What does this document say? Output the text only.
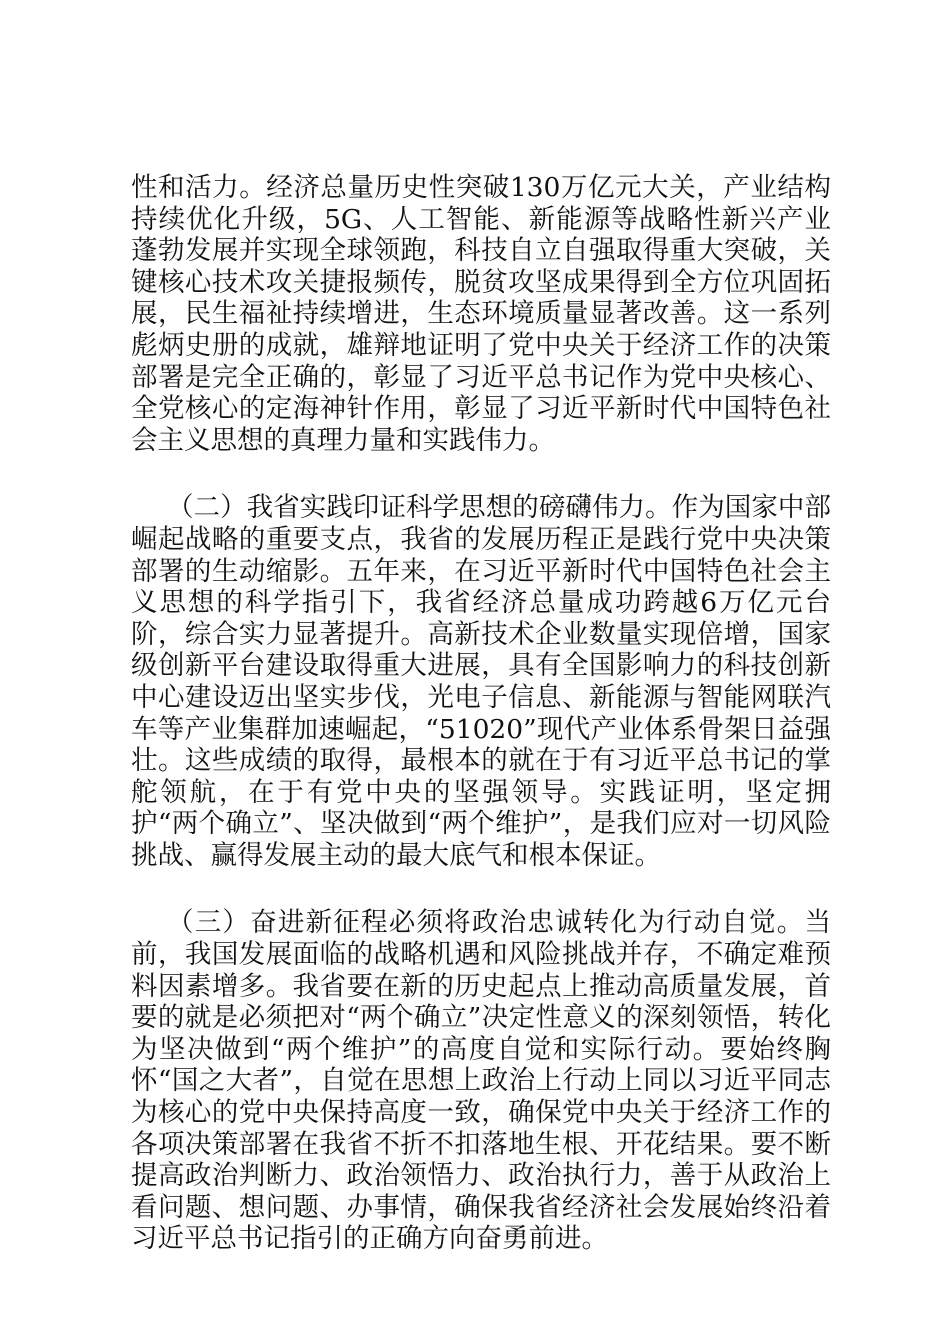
性和活力。经济总量历史性突破130万亿元大关，产业结构持续优化升级，5G、人工智能、新能源等战略性新兴产业蓬勃发展并实现全球领跑，科技自立自强取得重大突破，关键核心技术攻关捷报频传，脱贫攻坚成果得到全方位巩固拓展，民生福祉持续增进，生态环境质量显著改善。这一系列彪炳史册的成就，雄辩地证明了党中央关于经济工作的决策部署是完全正确的，彰显了习近平总书记作为党中央核心、全党核心的定海神针作用，彰显了习近平新时代中国特色社会主义思想的真理力量和实践伟力。

（二）我省实践印证科学思想的磅礴伟力。作为国家中部崛起战略的重要支点，我省的发展历程正是践行党中央决策部署的生动缩影。五年来，在习近平新时代中国特色社会主义思想的科学指引下，我省经济总量成功跨越6万亿元台阶，综合实力显著提升。高新技术企业数量实现倍增，国家级创新平台建设取得重大进展，具有全国影响力的科技创新中心建设迈出坚实步伐，光电子信息、新能源与智能网联汽车等产业集群加速崛起，“51020”现代产业体系骨架日益强壮。这些成绩的取得，最根本的就在于有习近平总书记的掌舵领航，在于有党中央的坚强领导。实践证明，坚定拥护“两个确立”、坚决做到“两个维护”，是我们应对一切风险挑战、赢得发展主动的最大底气和根本保证。

（三）奋进新征程必须将政治忠诚转化为行动自觉。当前，我国发展面临的战略机遇和风险挑战并存，不确定难预料因素增多。我省要在新的历史起点上推动高质量发展，首要的就是必须把对“两个确立”决定性意义的深刻领悟，转化为坚决做到“两个维护”的高度自觉和实际行动。要始终胸怀“国之大者”，自觉在思想上政治上行动上同以习近平同志为核心的党中央保持高度一致，确保党中央关于经济工作的各项决策部署在我省不折不扣落地生根、开花结果。要不断提高政治判断力、政治领悟力、政治执行力，善于从政治上看问题、想问题、办事情，确保我省经济社会发展始终沿着习近平总书记指引的正确方向奋勇前进。
